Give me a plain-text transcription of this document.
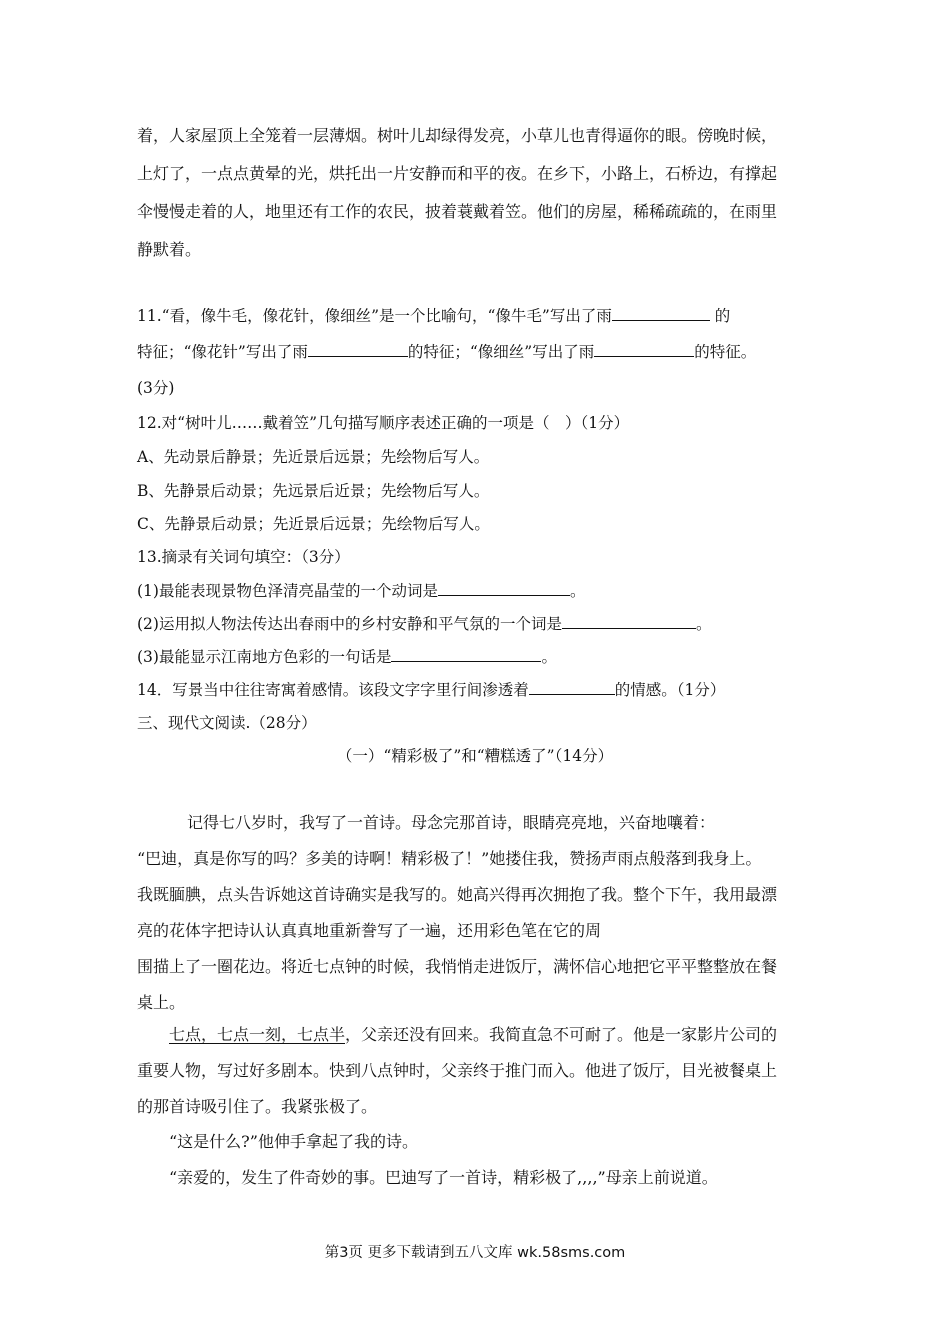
着，人家屋顶上全笼着一层薄烟。树叶儿却绿得发亮，小草儿也青得逼你的眼。傍晚时候，
上灯了，一点点黄晕的光，烘托出一片安静而和平的夜。在乡下，小路上，石桥边，有撑起
伞慢慢走着的人，地里还有工作的农民，披着蓑戴着笠。他们的房屋，稀稀疏疏的，在雨里
静默着。
11.“看，像牛毛，像花针，像细丝”是一个比喻句，“像牛毛”写出了雨	的
特征；“像花针”写出了雨	的特征；“像细丝”写出了雨	的特征。
(3分)
12.对“树叶儿……戴着笠”几句描写顺序表述正确的一项是（　）（1分）
A、先动景后静景；先近景后远景；先绘物后写人。
B、先静景后动景；先远景后近景；先绘物后写人。
C、先静景后动景；先近景后远景；先绘物后写人。
13.摘录有关词句填空：（3分）
(1)最能表现景物色泽清亮晶莹的一个动词是	。
(2)运用拟人物法传达出春雨中的乡村安静和平气氛的一个词是	。
(3)最能显示江南地方色彩的一句话是	。
14．写景当中往往寄寓着感情。该段文字字里行间渗透着	的情感。（1分）
三、现代文阅读.（28分）
（一）“精彩极了”和“糟糕透了”（14分）
记得七八岁时，我写了一首诗。母念完那首诗，眼睛亮亮地，兴奋地嚷着：
“巴迪，真是你写的吗？多美的诗啊！精彩极了！”她搂住我，赞扬声雨点般落到我身上。
我既腼腆，点头告诉她这首诗确实是我写的。她高兴得再次拥抱了我。整个下午，我用最漂
亮的花体字把诗认认真真地重新誊写了一遍，还用彩色笔在它的周
围描上了一圈花边。将近七点钟的时候，我悄悄走进饭厅，满怀信心地把它平平整整放在餐
桌上。
七点，七点一刻，七点半，父亲还没有回来。我简直急不可耐了。他是一家影片公司的
重要人物，写过好多剧本。快到八点钟时，父亲终于推门而入。他进了饭厅，目光被餐桌上
的那首诗吸引住了。我紧张极了。
“这是什么?”他伸手拿起了我的诗。
“亲爱的，发生了件奇妙的事。巴迪写了一首诗，精彩极了,,,,”母亲上前说道。
第3页 更多下载请到五八文库 wk.58sms.com
